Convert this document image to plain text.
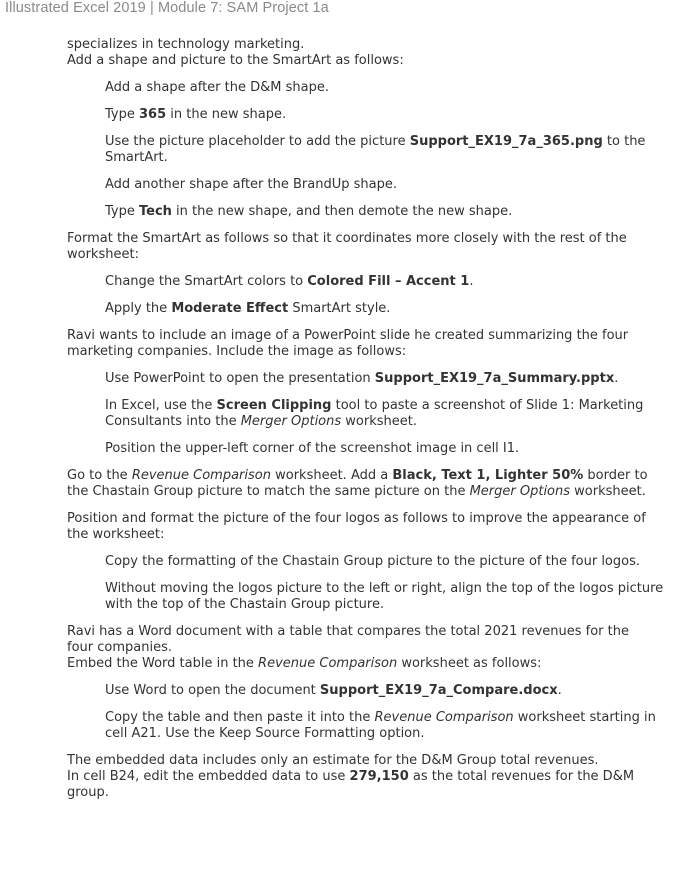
Illustrated Excel 2019 | Module 7: SAM Project 1a
specializes in technology marketing.
Add a shape and picture to the SmartArt as follows:
Add a shape after the D&M shape.
Type 365 in the new shape.
Use the picture placeholder to add the picture Support_EX19_7a_365.png to the SmartArt.
Add another shape after the BrandUp shape.
Type Tech in the new shape, and then demote the new shape.
Format the SmartArt as follows so that it coordinates more closely with the rest of the worksheet:
Change the SmartArt colors to Colored Fill – Accent 1.
Apply the Moderate Effect SmartArt style.
Ravi wants to include an image of a PowerPoint slide he created summarizing the four marketing companies. Include the image as follows:
Use PowerPoint to open the presentation Support_EX19_7a_Summary.pptx.
In Excel, use the Screen Clipping tool to paste a screenshot of Slide 1: Marketing Consultants into the Merger Options worksheet.
Position the upper-left corner of the screenshot image in cell I1.
Go to the Revenue Comparison worksheet. Add a Black, Text 1, Lighter 50% border to the Chastain Group picture to match the same picture on the Merger Options worksheet.
Position and format the picture of the four logos as follows to improve the appearance of the worksheet:
Copy the formatting of the Chastain Group picture to the picture of the four logos.
Without moving the logos picture to the left or right, align the top of the logos picture with the top of the Chastain Group picture.
Ravi has a Word document with a table that compares the total 2021 revenues for the four companies.
Embed the Word table in the Revenue Comparison worksheet as follows:
Use Word to open the document Support_EX19_7a_Compare.docx.
Copy the table and then paste it into the Revenue Comparison worksheet starting in cell A21. Use the Keep Source Formatting option.
The embedded data includes only an estimate for the D&M Group total revenues.
In cell B24, edit the embedded data to use 279,150 as the total revenues for the D&M group.
